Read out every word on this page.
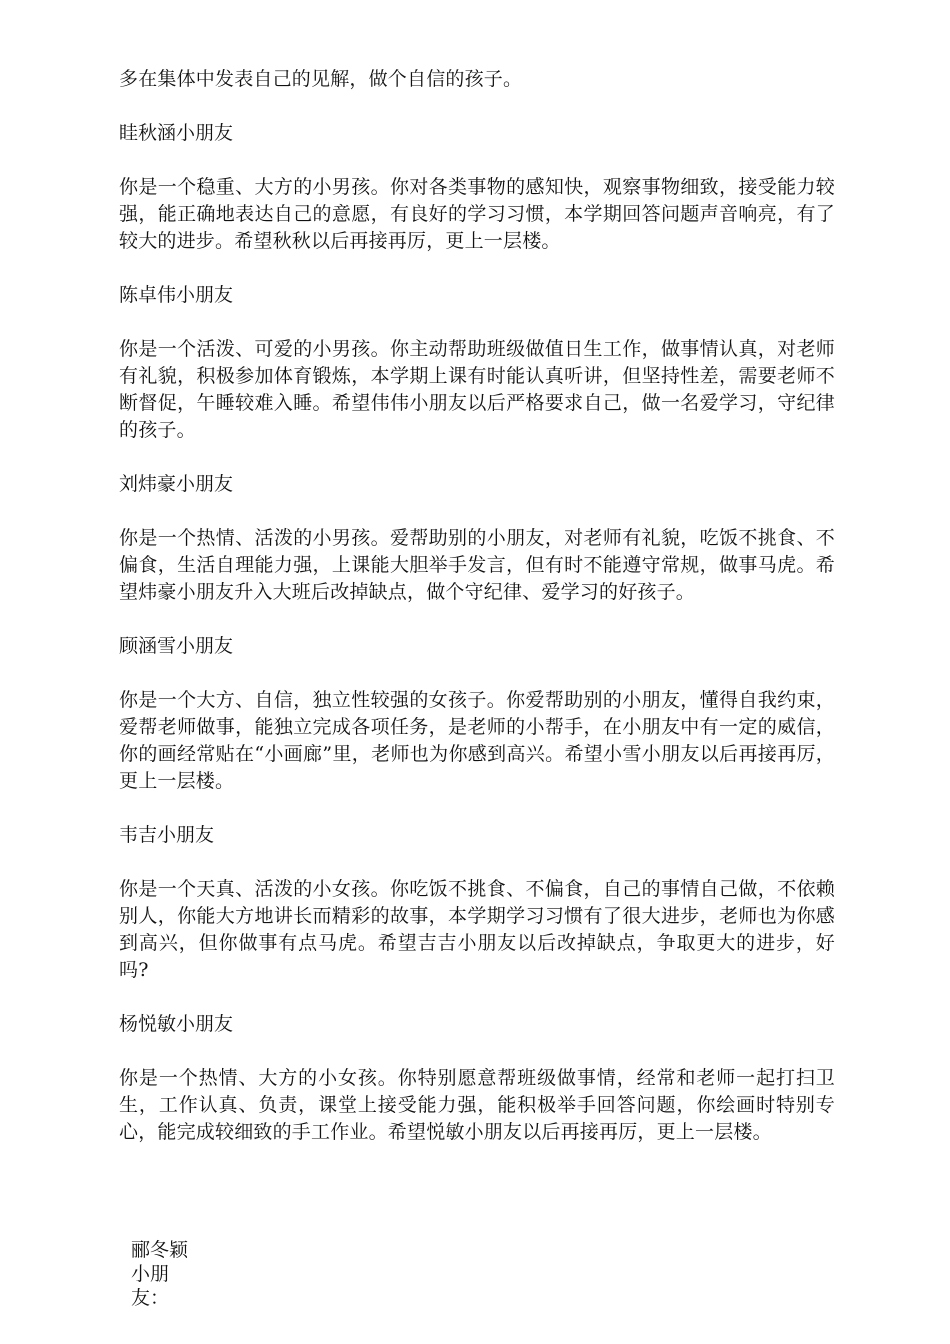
多在集体中发表自己的见解，做个自信的孩子。

眭秋涵小朋友

你是一个稳重、大方的小男孩。你对各类事物的感知快，观察事物细致，接受能力较强，能正确地表达自己的意愿，有良好的学习习惯，本学期回答问题声音响亮，有了较大的进步。希望秋秋以后再接再厉，更上一层楼。

陈卓伟小朋友

你是一个活泼、可爱的小男孩。你主动帮助班级做值日生工作，做事情认真，对老师有礼貌，积极参加体育锻炼，本学期上课有时能认真听讲，但坚持性差，需要老师不断督促，午睡较难入睡。希望伟伟小朋友以后严格要求自己，做一名爱学习，守纪律的孩子。

刘炜豪小朋友

你是一个热情、活泼的小男孩。爱帮助别的小朋友，对老师有礼貌，吃饭不挑食、不偏食，生活自理能力强，上课能大胆举手发言，但有时不能遵守常规，做事马虎。希望炜豪小朋友升入大班后改掉缺点，做个守纪律、爱学习的好孩子。

顾涵雪小朋友

你是一个大方、自信，独立性较强的女孩子。你爱帮助别的小朋友，懂得自我约束，爱帮老师做事，能独立完成各项任务，是老师的小帮手，在小朋友中有一定的威信，你的画经常贴在“小画廊”里，老师也为你感到高兴。希望小雪小朋友以后再接再厉，更上一层楼。

韦吉小朋友

你是一个天真、活泼的小女孩。你吃饭不挑食、不偏食，自己的事情自己做，不依赖别人，你能大方地讲长而精彩的故事，本学期学习习惯有了很大进步，老师也为你感到高兴，但你做事有点马虎。希望吉吉小朋友以后改掉缺点，争取更大的进步，好吗?

杨悦敏小朋友

你是一个热情、大方的小女孩。你特别愿意帮班级做事情，经常和老师一起打扫卫生，工作认真、负责，课堂上接受能力强，能积极举手回答问题，你绘画时特别专心，能完成较细致的手工作业。希望悦敏小朋友以后再接再厉，更上一层楼。

郦冬颖小朋友：
